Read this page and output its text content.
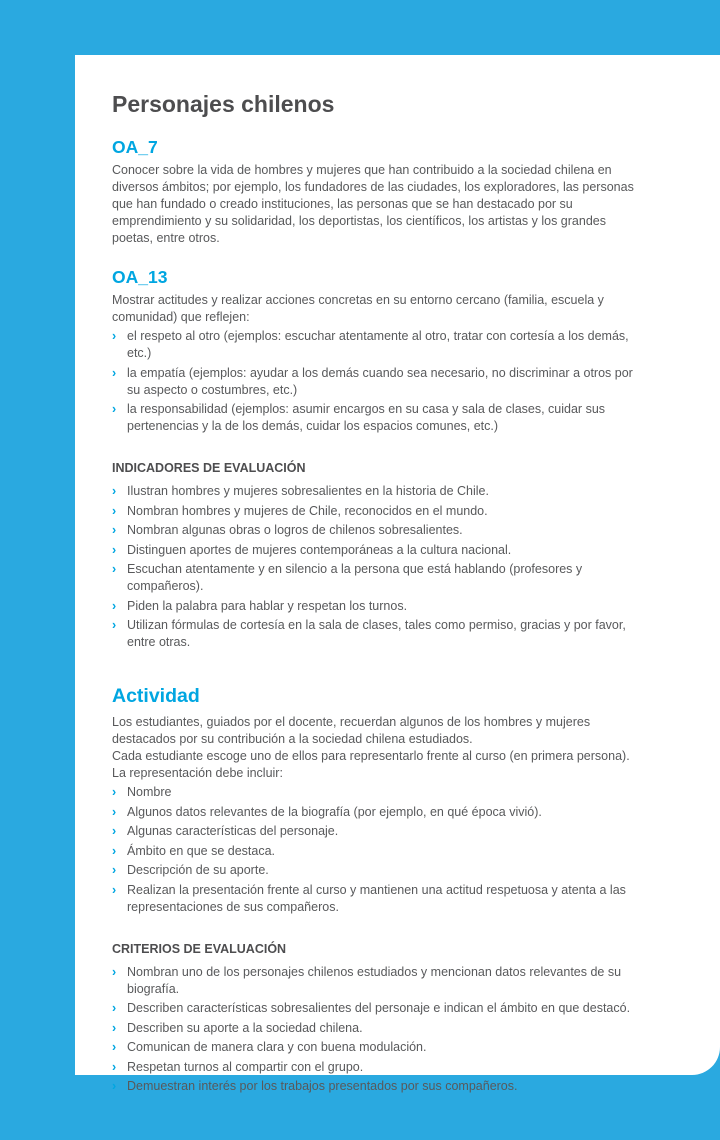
Personajes chilenos
OA_7

Conocer sobre la vida de hombres y mujeres que han contribuido a la sociedad chilena en diversos ámbitos; por ejemplo, los fundadores de las ciudades, los exploradores, las personas que han fundado o creado instituciones, las personas que se han destacado por su emprendimiento y su solidaridad, los deportistas, los científicos, los artistas y los grandes poetas, entre otros.

OA_13

Mostrar actitudes y realizar acciones concretas en su entorno cercano (familia, escuela y comunidad) que reflejen:

› el respeto al otro (ejemplos: escuchar atentamente al otro, tratar con cortesía a los demás, etc.)
› la empatía (ejemplos: ayudar a los demás cuando sea necesario, no discriminar a otros por su aspecto o costumbres, etc.)
› la responsabilidad (ejemplos: asumir encargos en su casa y sala de clases, cuidar sus pertenencias y la de los demás, cuidar los espacios comunes, etc.)
INDICADORES DE EVALUACIÓN
› Ilustran hombres y mujeres sobresalientes en la historia de Chile.
› Nombran hombres y mujeres de Chile, reconocidos en el mundo.
› Nombran algunas obras o logros de chilenos sobresalientes.
› Distinguen aportes de mujeres contemporáneas a la cultura nacional.
› Escuchan atentamente y en silencio a la persona que está hablando (profesores y compañeros).
› Piden la palabra para hablar y respetan los turnos.
› Utilizan fórmulas de cortesía en la sala de clases, tales como permiso, gracias y por favor, entre otras.
Actividad

Los estudiantes, guiados por el docente, recuerdan algunos de los hombres y mujeres destacados por su contribución a la sociedad chilena estudiados.

Cada estudiante escoge uno de ellos para representarlo frente al curso (en primera persona).

La representación debe incluir:

› Nombre
› Algunos datos relevantes de la biografía (por ejemplo, en qué época vivió).
› Algunas características del personaje.
› Ámbito en que se destaca.
› Descripción de su aporte.
› Realizan la presentación frente al curso y mantienen una actitud respetuosa y atenta a las representaciones de sus compañeros.
CRITERIOS DE EVALUACIÓN
› Nombran uno de los personajes chilenos estudiados y mencionan datos relevantes de su biografía.
› Describen características sobresalientes del personaje e indican el ámbito en que destacó.
› Describen su aporte a la sociedad chilena.
› Comunican de manera clara y con buena modulación.
› Respetan turnos al compartir con el grupo.
› Demuestran interés por los trabajos presentados por sus compañeros.
